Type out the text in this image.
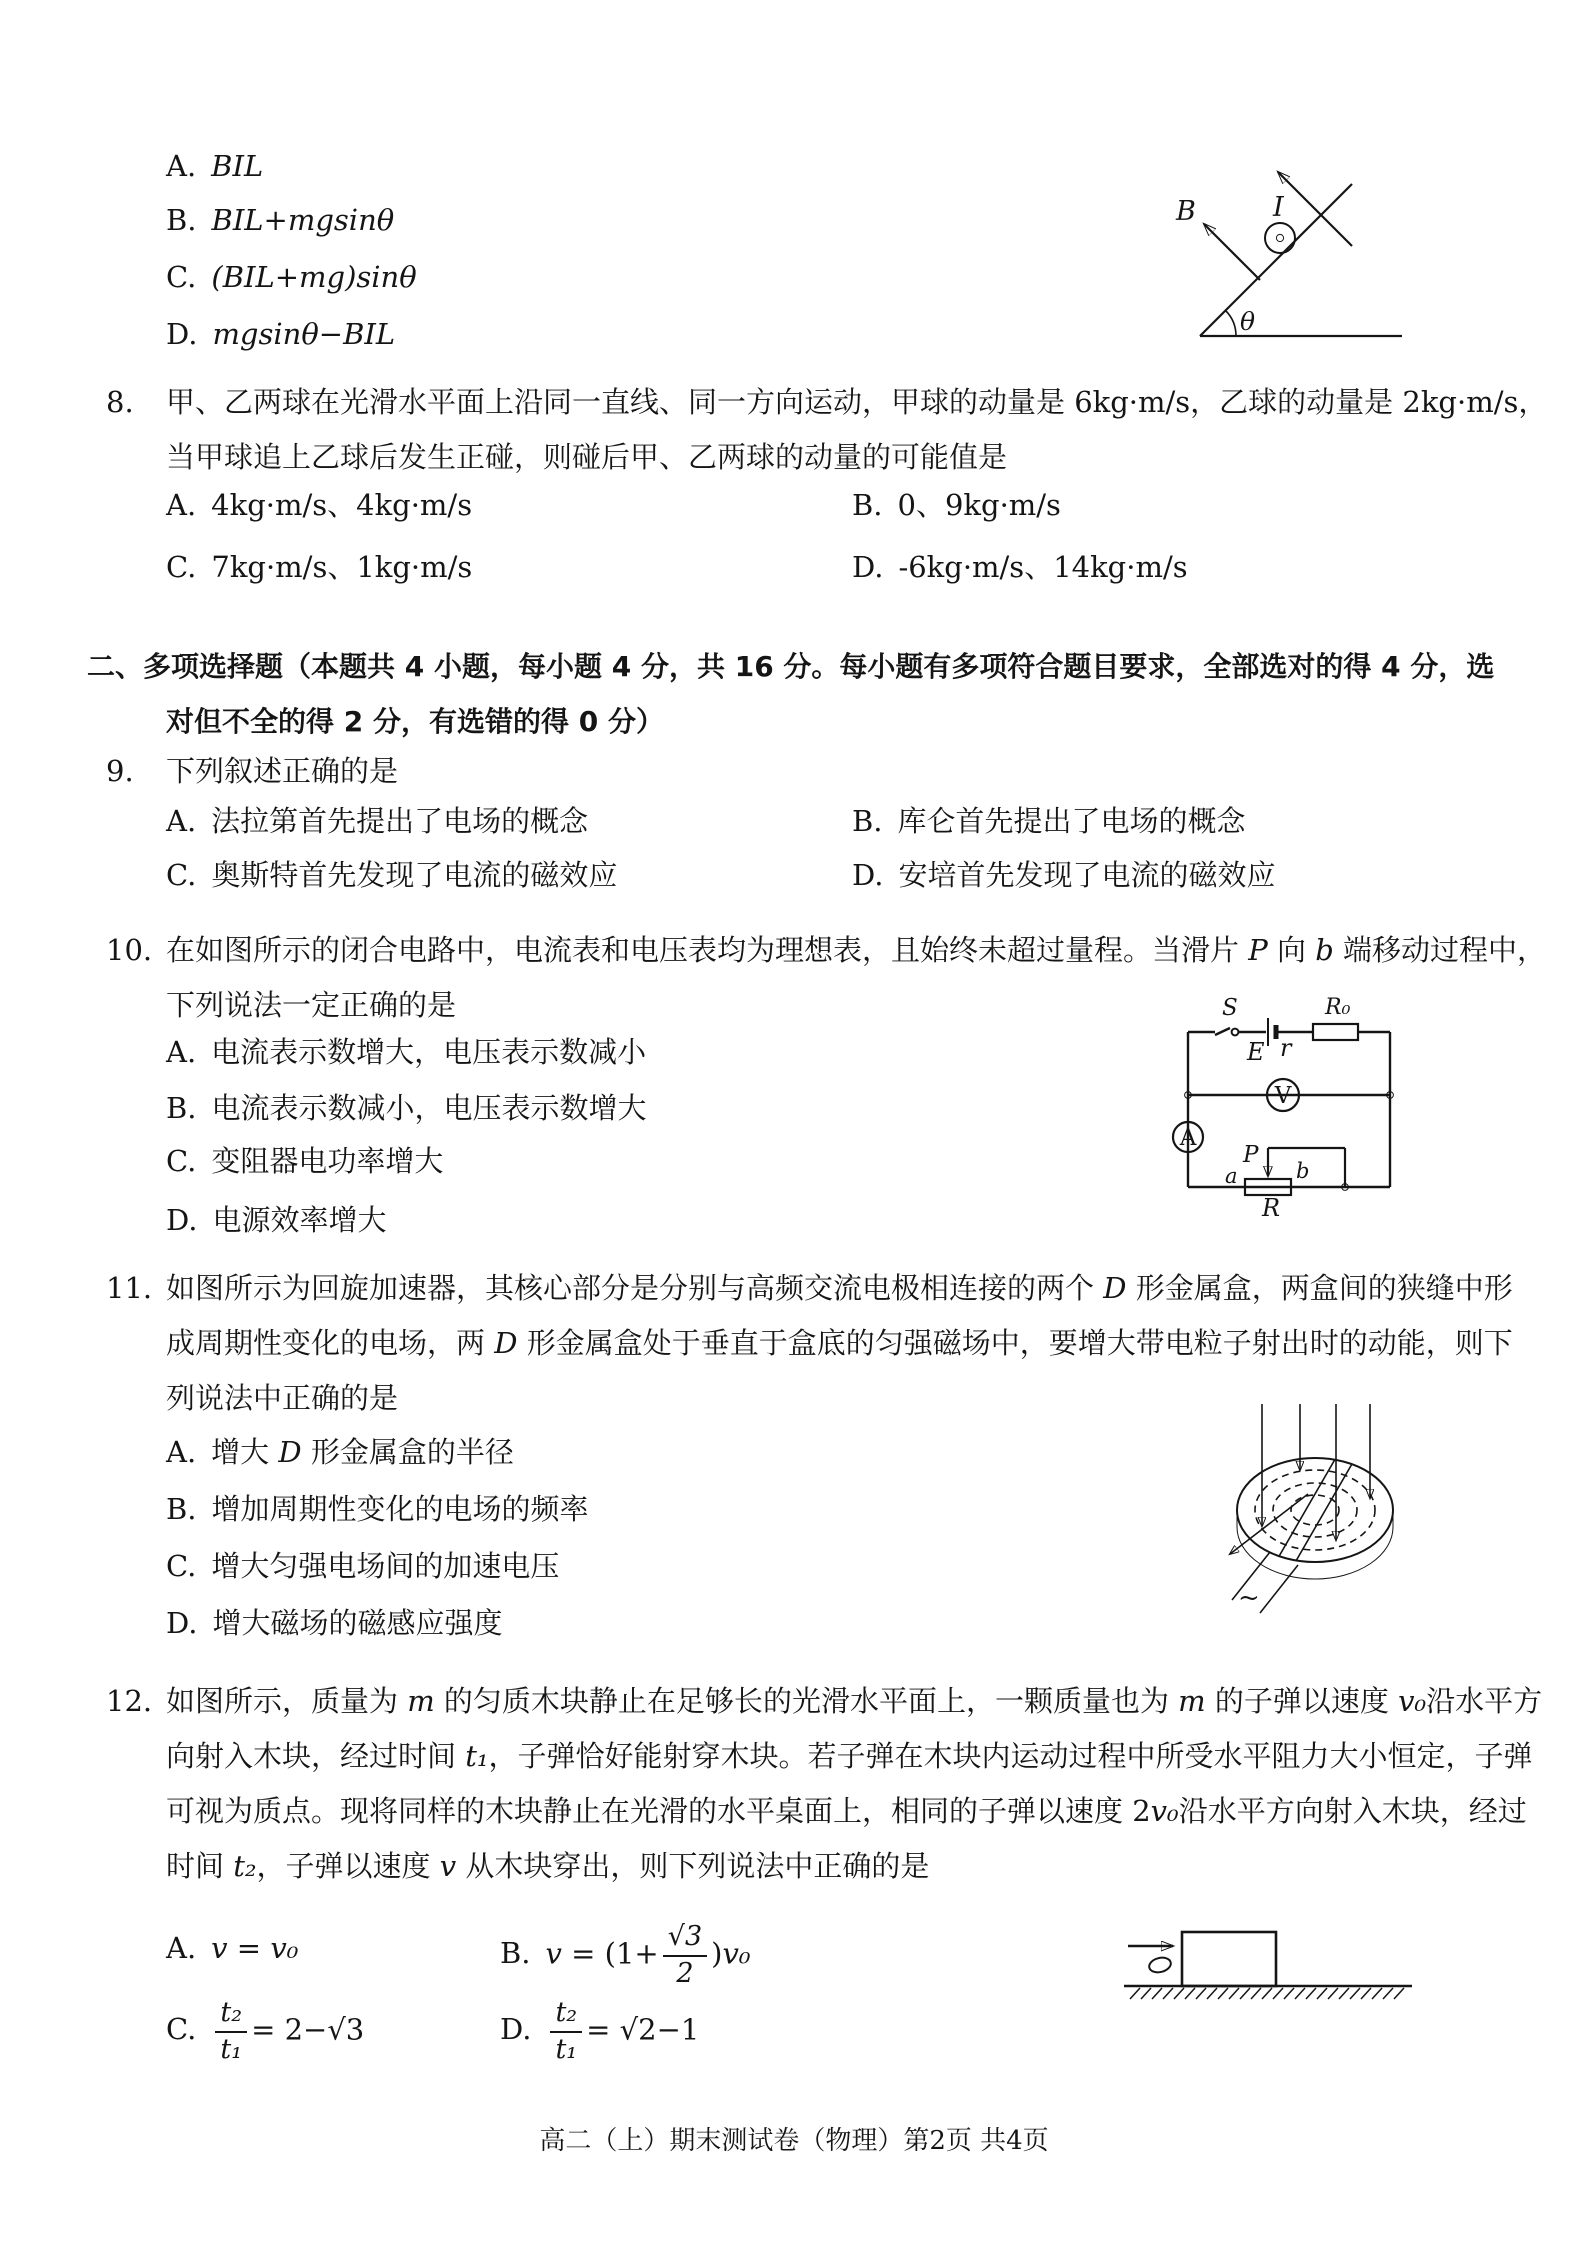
A. BIL
B. BIL+mgsinθ
C. (BIL+mg)sinθ
D. mgsinθ−BIL	θ
B	I
8. 甲、乙两球在光滑水平面上沿同一直线、同一方向运动，甲球的动量是 6kg·m/s，乙球的动量是 2kg·m/s，
当甲球追上乙球后发生正碰，则碰后甲、乙两球的动量的可能值是
A. 4kg·m/s、4kg·m/s	B. 0、9kg·m/s
C. 7kg·m/s、1kg·m/s	D. -6kg·m/s、14kg·m/s
二、多项选择题（本题共 4 小题，每小题 4 分，共 16 分。每小题有多项符合题目要求，全部选对的得 4 分，选
对但不全的得 2 分，有选错的得 0 分）
9. 下列叙述正确的是
A. 法拉第首先提出了电场的概念	B. 库仑首先提出了电场的概念
C. 奥斯特首先发现了电流的磁效应	D. 安培首先发现了电流的磁效应
10. 在如图所示的闭合电路中，电流表和电压表均为理想表，且始终未超过量程。当滑片 P 向 b 端移动过程中，
下列说法一定正确的是
A. 电流表示数增大，电压表示数减小
B. 电流表示数减小，电压表示数增大
C. 变阻器电功率增大
D. 电源效率增大
S
E r
R₀
V
A
P
a	b
R
11. 如图所示为回旋加速器，其核心部分是分别与高频交流电极相连接的两个 D 形金属盒，两盒间的狭缝中形
成周期性变化的电场，两 D 形金属盒处于垂直于盒底的匀强磁场中，要增大带电粒子射出时的动能，则下
列说法中正确的是
A. 增大 D 形金属盒的半径
B. 增加周期性变化的电场的频率
C. 增大匀强电场间的加速电压
D. 增大磁场的磁感应强度
~
12. 如图所示，质量为 m 的匀质木块静止在足够长的光滑水平面上，一颗质量也为 m 的子弹以速度 v₀沿水平方
向射入木块，经过时间 t₁，子弹恰好能射穿木块。若子弹在木块内运动过程中所受水平阻力大小恒定，子弹
可视为质点。现将同样的木块静止在光滑的水平桌面上，相同的子弹以速度 2v₀沿水平方向射入木块，经过
时间 t₂，子弹以速度 v 从木块穿出，则下列说法中正确的是
A. v = v₀	B. $v = (1+ \frac{√3}{2} )v_0$
C. $\frac{\text{t₂}}{\text{t₁}} = 2-√3$	D. $\frac{\text{t₂}}{\text{t₁}} = √2-1$
高二（上）期末测试卷（物理）第2页 共4页
